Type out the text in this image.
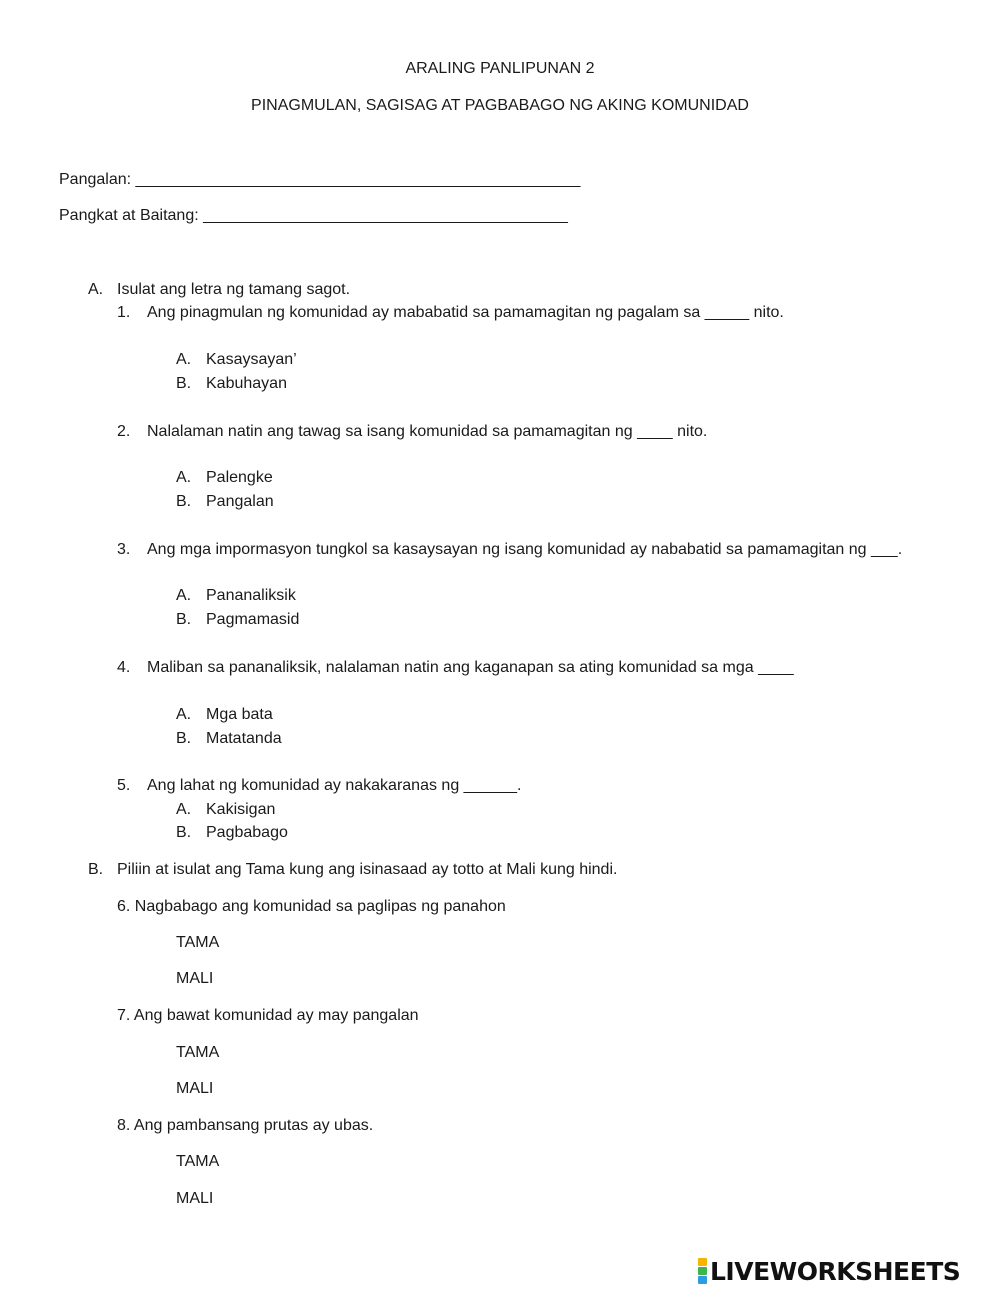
ARALING PANLIPUNAN 2
PINAGMULAN, SAGISAG AT PAGBABAGO NG AKING KOMUNIDAD
Pangalan: __________________________________________________
Pangkat at Baitang: _________________________________________
A. Isulat ang letra ng tamang sagot.
1. Ang pinagmulan ng komunidad ay mababatid sa pamamagitan ng pagalam sa _____ nito.
A. Kasaysayan’
B. Kabuhayan
2. Nalalaman natin ang tawag sa isang komunidad sa pamamagitan ng ____ nito.
A. Palengke
B. Pangalan
3. Ang mga impormasyon tungkol sa kasaysayan ng isang komunidad ay nababatid sa pamamagitan ng ___.
A. Pananaliksik
B. Pagmamasid
4. Maliban sa pananaliksik, nalalaman natin ang kaganapan sa ating komunidad sa mga ____
A. Mga bata
B. Matatanda
5. Ang lahat ng komunidad ay nakakaranas ng ______.
A. Kakisigan
B. Pagbabago
B. Piliin at isulat ang Tama kung ang isinasaad ay totto at Mali kung hindi.
6. Nagbabago ang komunidad sa paglipas ng panahon
TAMA
MALI
7. Ang bawat komunidad ay may pangalan
TAMA
MALI
8. Ang pambansang prutas ay ubas.
TAMA
MALI
LIVEWORKSHEETS
